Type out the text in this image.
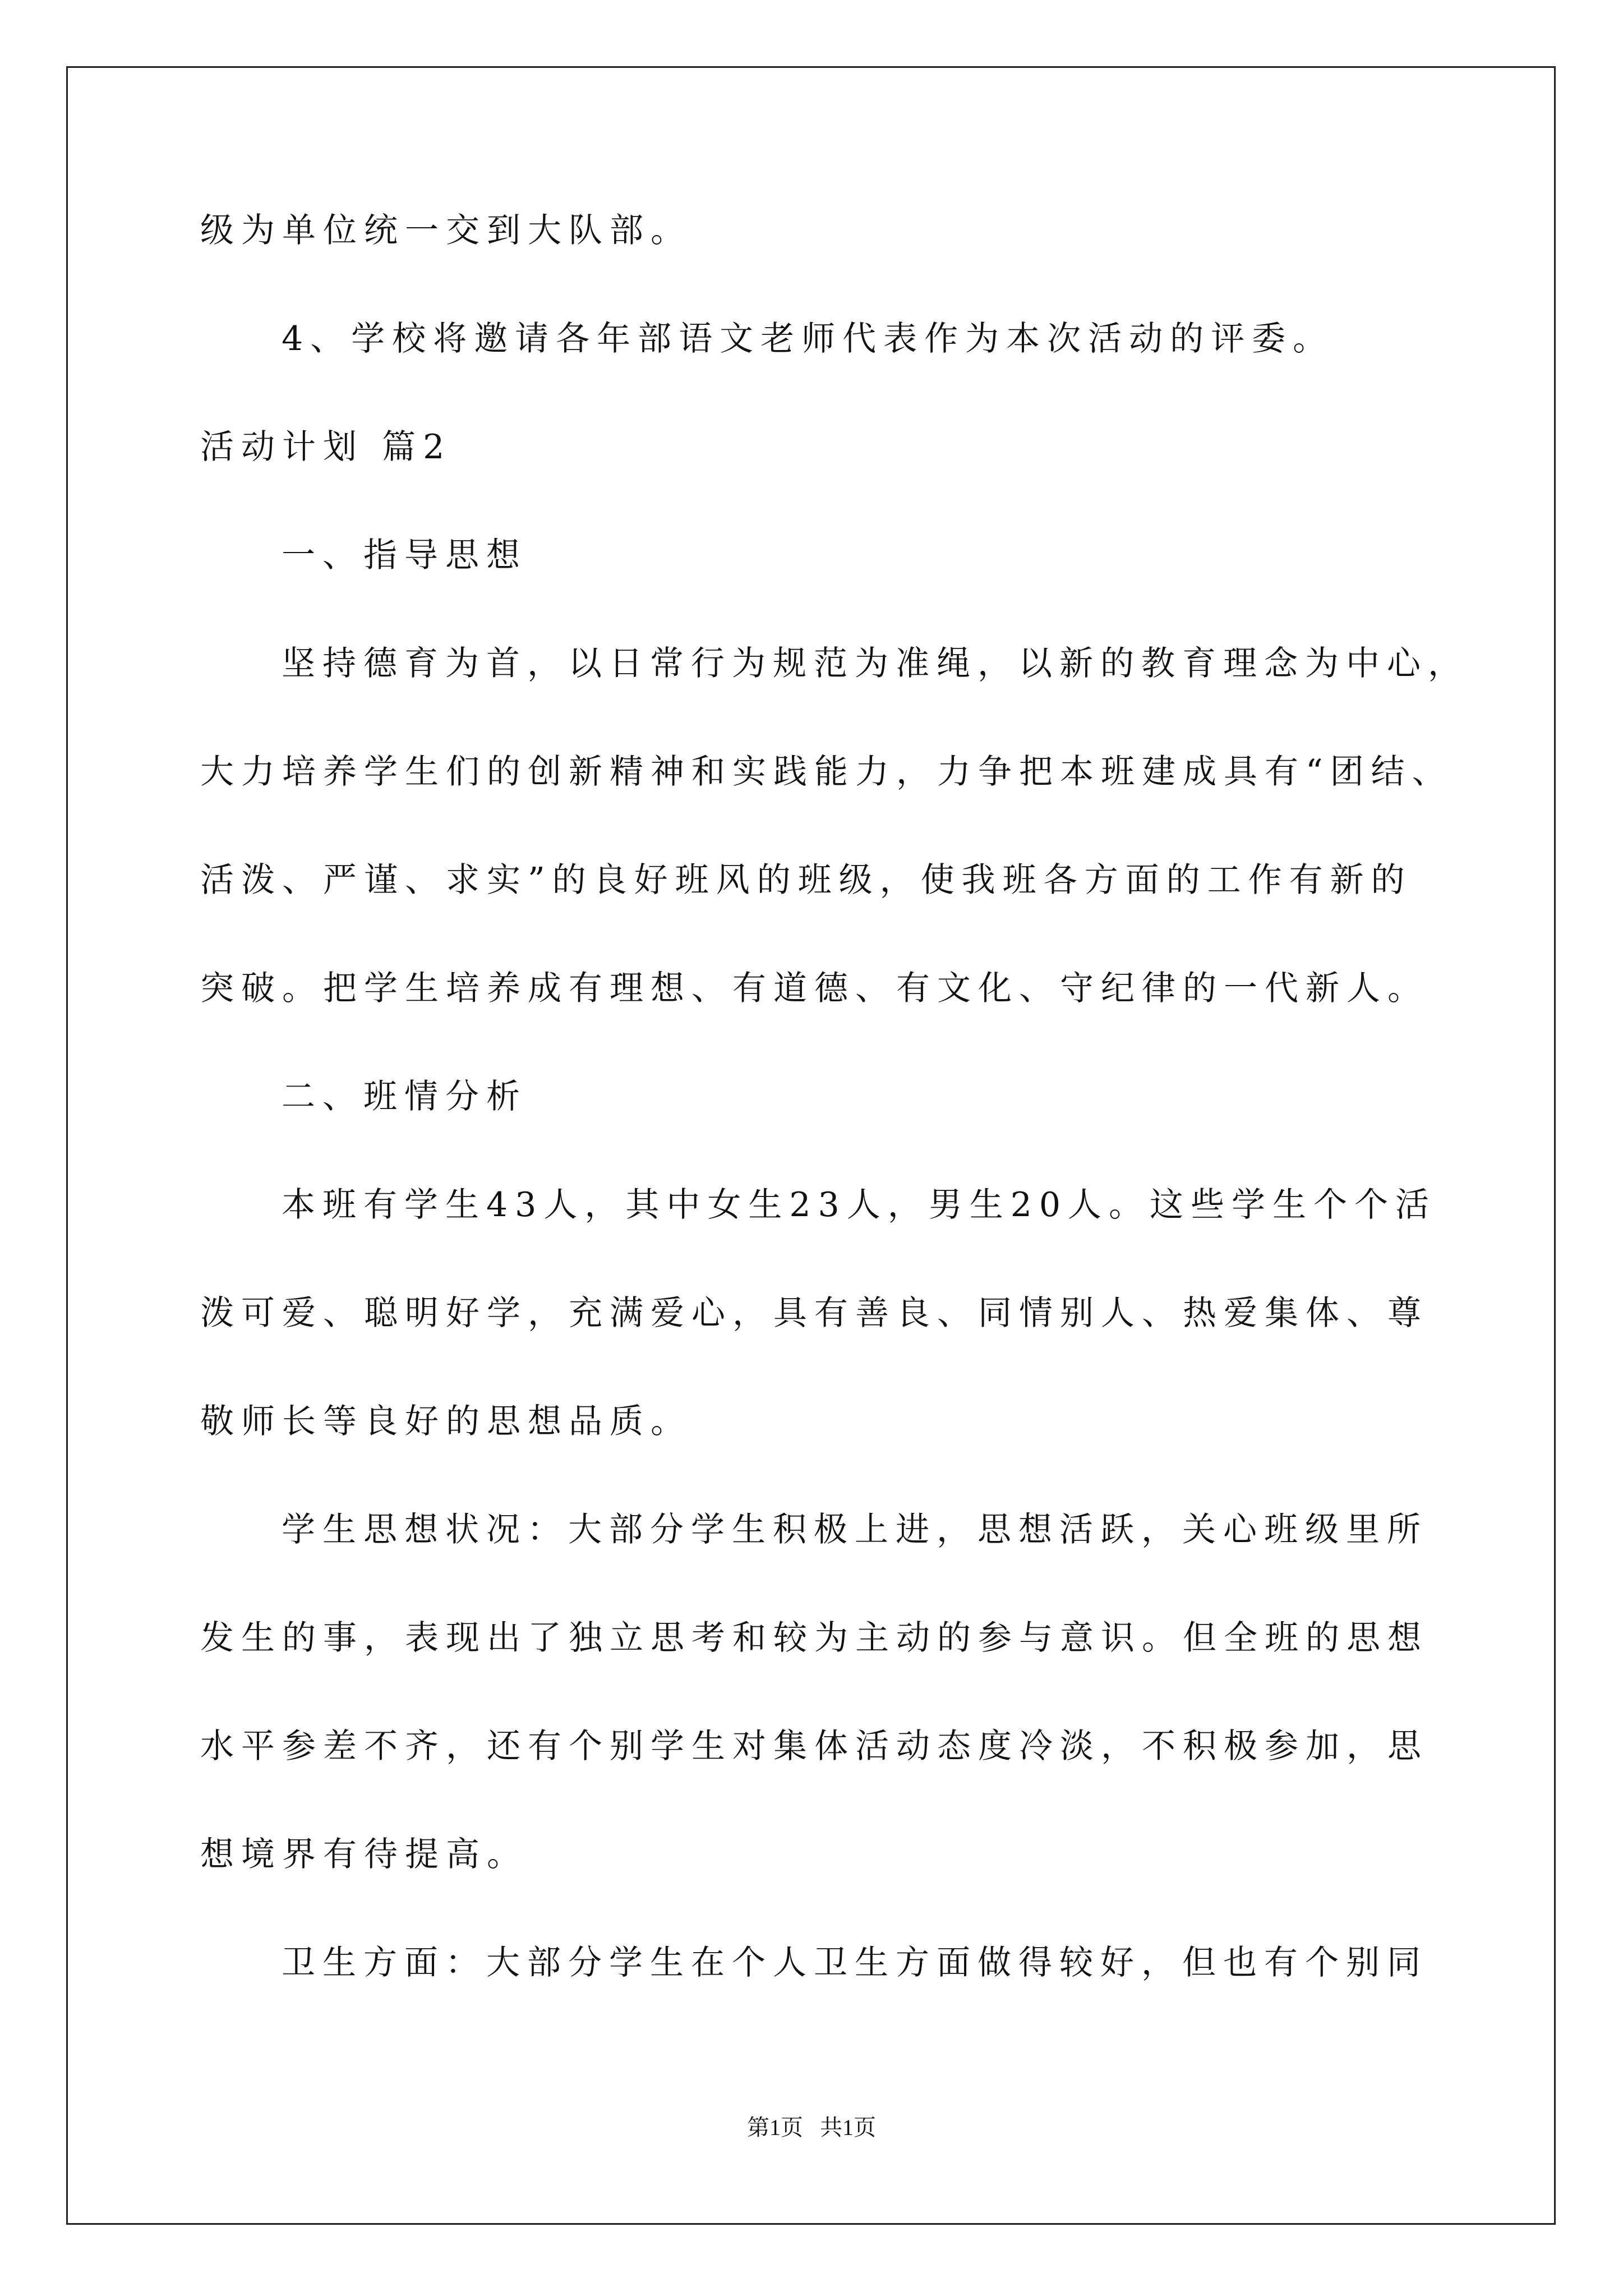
级为单位统一交到大队部。
4、学校将邀请各年部语文老师代表作为本次活动的评委。
活动计划 篇2
一、指导思想
坚持德育为首，以日常行为规范为准绳，以新的教育理念为中心，
大力培养学生们的创新精神和实践能力，力争把本班建成具有“团结、
活泼、严谨、求实”的良好班风的班级，使我班各方面的工作有新的
突破。把学生培养成有理想、有道德、有文化、守纪律的一代新人。
二、班情分析
本班有学生43人，其中女生23人，男生20人。这些学生个个活
泼可爱、聪明好学，充满爱心，具有善良、同情别人、热爱集体、尊
敬师长等良好的思想品质。
学生思想状况：大部分学生积极上进，思想活跃，关心班级里所
发生的事，表现出了独立思考和较为主动的参与意识。但全班的思想
水平参差不齐，还有个别学生对集体活动态度冷淡，不积极参加，思
想境界有待提高。
卫生方面：大部分学生在个人卫生方面做得较好，但也有个别同
第1页   共1页
